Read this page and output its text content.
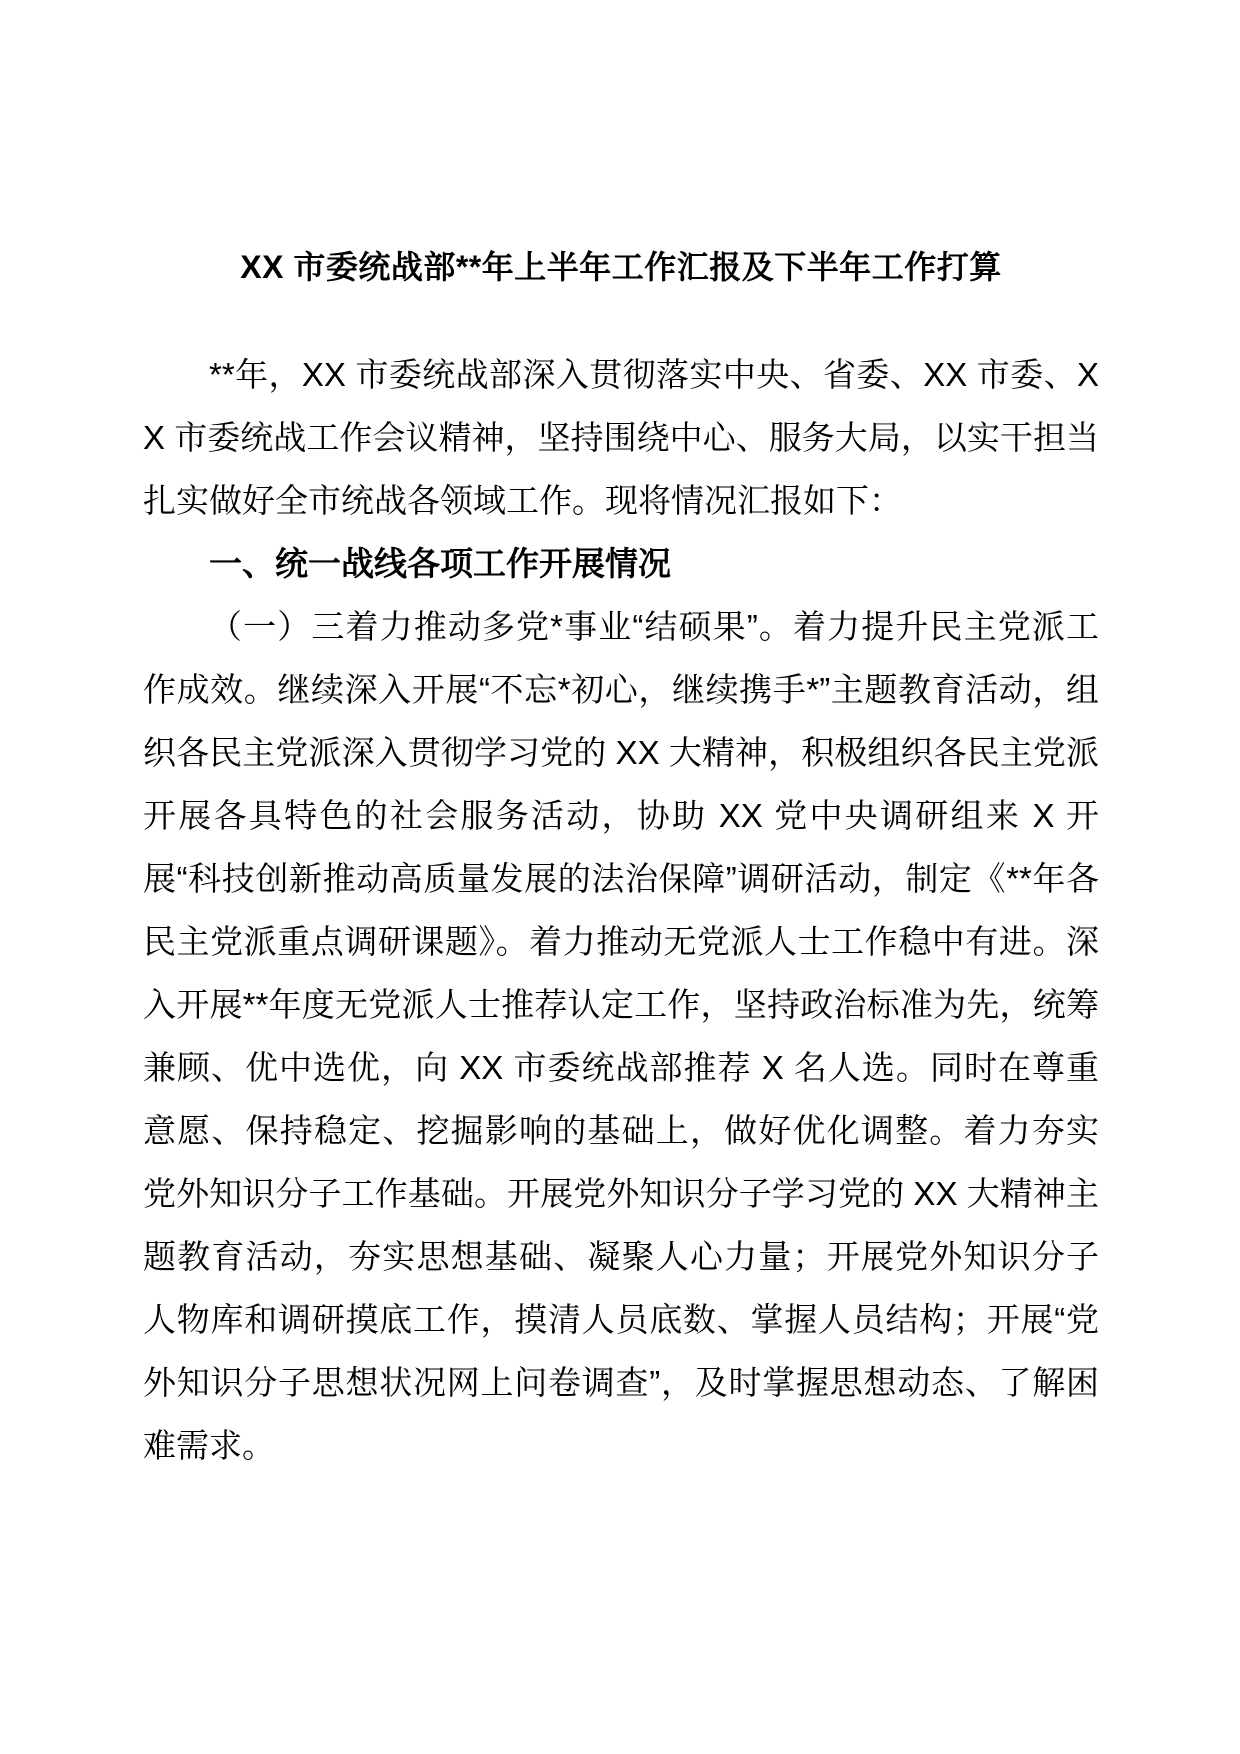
XX 市委统战部**年上半年工作汇报及下半年工作打算

**年，XX 市委统战部深入贯彻落实中央、省委、XX 市委、XX 市委统战工作会议精神，坚持围绕中心、服务大局，以实干担当扎实做好全市统战各领域工作。现将情况汇报如下：

一、统一战线各项工作开展情况

（一）三着力推动多党*事业“结硕果”。着力提升民主党派工作成效。继续深入开展“不忘*初心，继续携手*”主题教育活动，组织各民主党派深入贯彻学习党的 XX 大精神，积极组织各民主党派开展各具特色的社会服务活动，协助 XX 党中央调研组来 X 开展“科技创新推动高质量发展的法治保障”调研活动，制定《**年各民主党派重点调研课题》。着力推动无党派人士工作稳中有进。深入开展**年度无党派人士推荐认定工作，坚持政治标准为先，统筹兼顾、优中选优，向 XX 市委统战部推荐 X 名人选。同时在尊重意愿、保持稳定、挖掘影响的基础上，做好优化调整。着力夯实党外知识分子工作基础。开展党外知识分子学习党的 XX 大精神主题教育活动，夯实思想基础、凝聚人心力量；开展党外知识分子人物库和调研摸底工作，摸清人员底数、掌握人员结构；开展“党外知识分子思想状况网上问卷调查”，及时掌握思想动态、了解困难需求。
